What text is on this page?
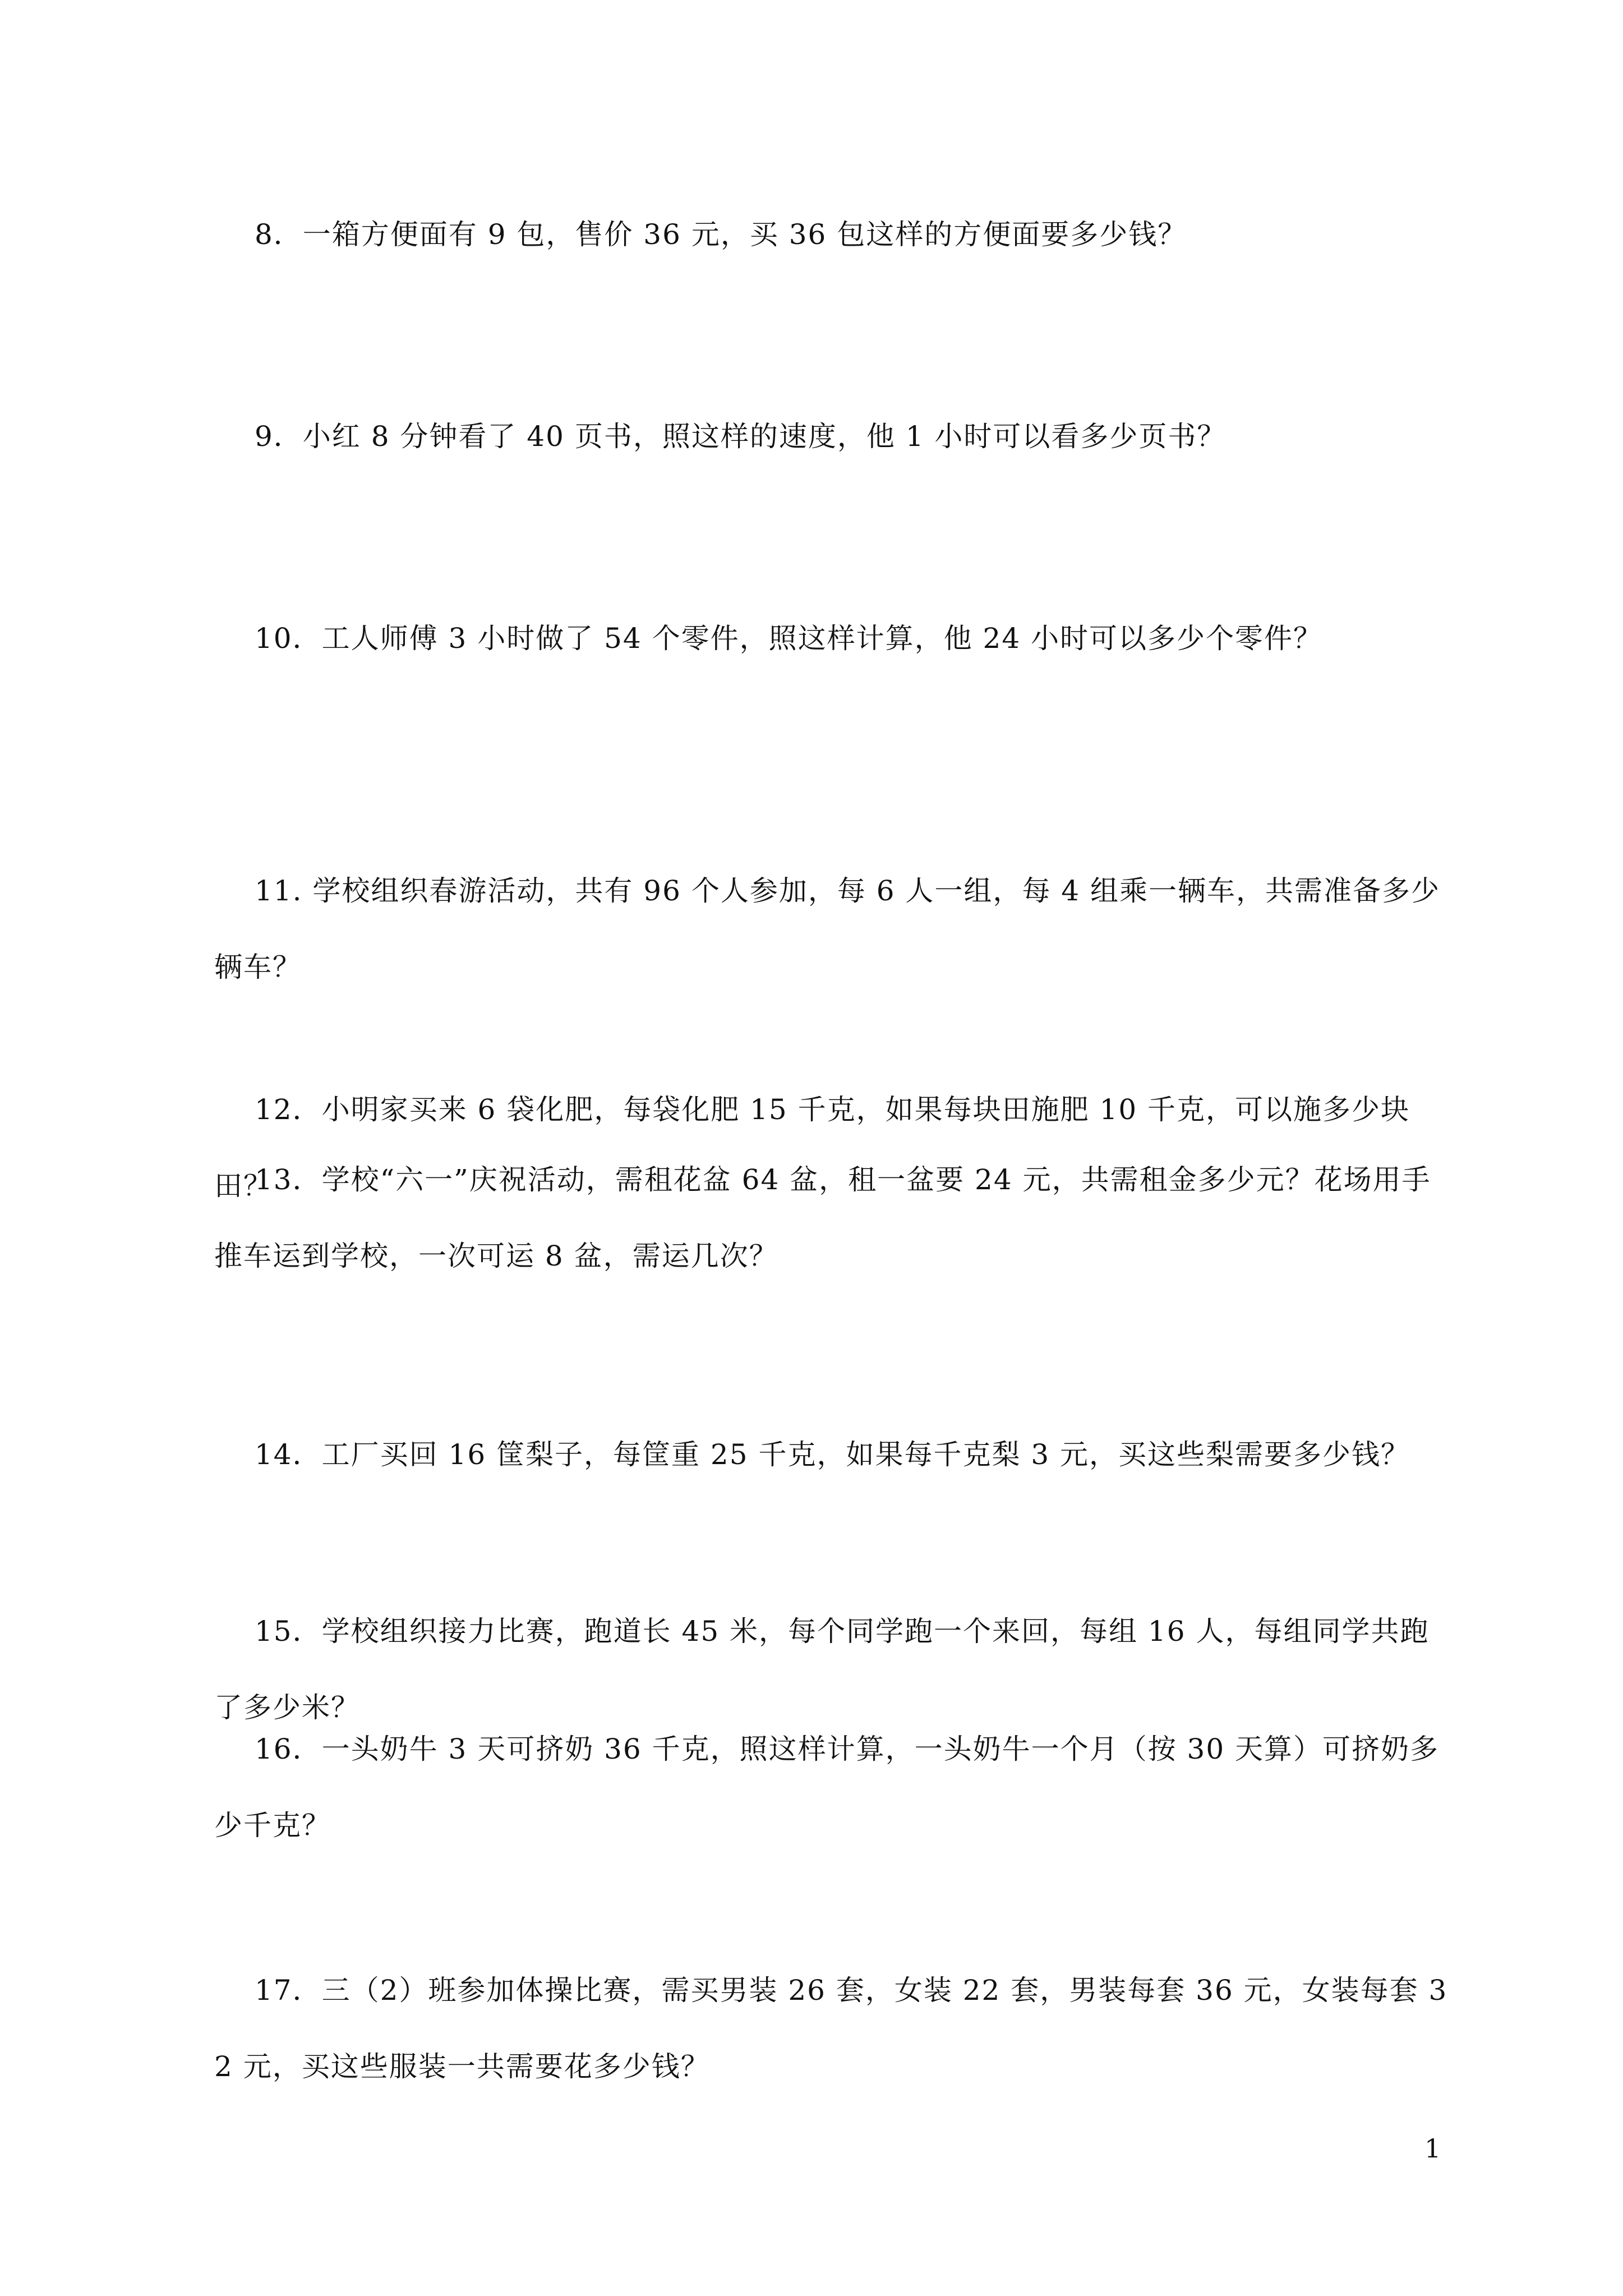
8．一箱方便面有 9 包，售价 36 元，买 36 包这样的方便面要多少钱？
9．小红 8 分钟看了 40 页书，照这样的速度，他 1 小时可以看多少页书？
10．工人师傅 3 小时做了 54 个零件，照这样计算，他 24 小时可以多少个零件？
11. 学校组织春游活动，共有 96 个人参加，每 6 人一组，每 4 组乘一辆车，共需准备多少辆车？
12．小明家买来 6 袋化肥，每袋化肥 15 千克，如果每块田施肥 10 千克，可以施多少块田？
13．学校“六一”庆祝活动，需租花盆 64 盆，租一盆要 24 元，共需租金多少元？花场用手推车运到学校，一次可运 8 盆，需运几次？
14．工厂买回 16 筐梨子，每筐重 25 千克，如果每千克梨 3 元，买这些梨需要多少钱？
15．学校组织接力比赛，跑道长 45 米，每个同学跑一个来回，每组 16 人，每组同学共跑了多少米？
16．一头奶牛 3 天可挤奶 36 千克，照这样计算，一头奶牛一个月（按 30 天算）可挤奶多少千克？
17．三（2）班参加体操比赛，需买男装 26 套，女装 22 套，男装每套 36 元，女装每套 32 元，买这些服装一共需要花多少钱？
1
